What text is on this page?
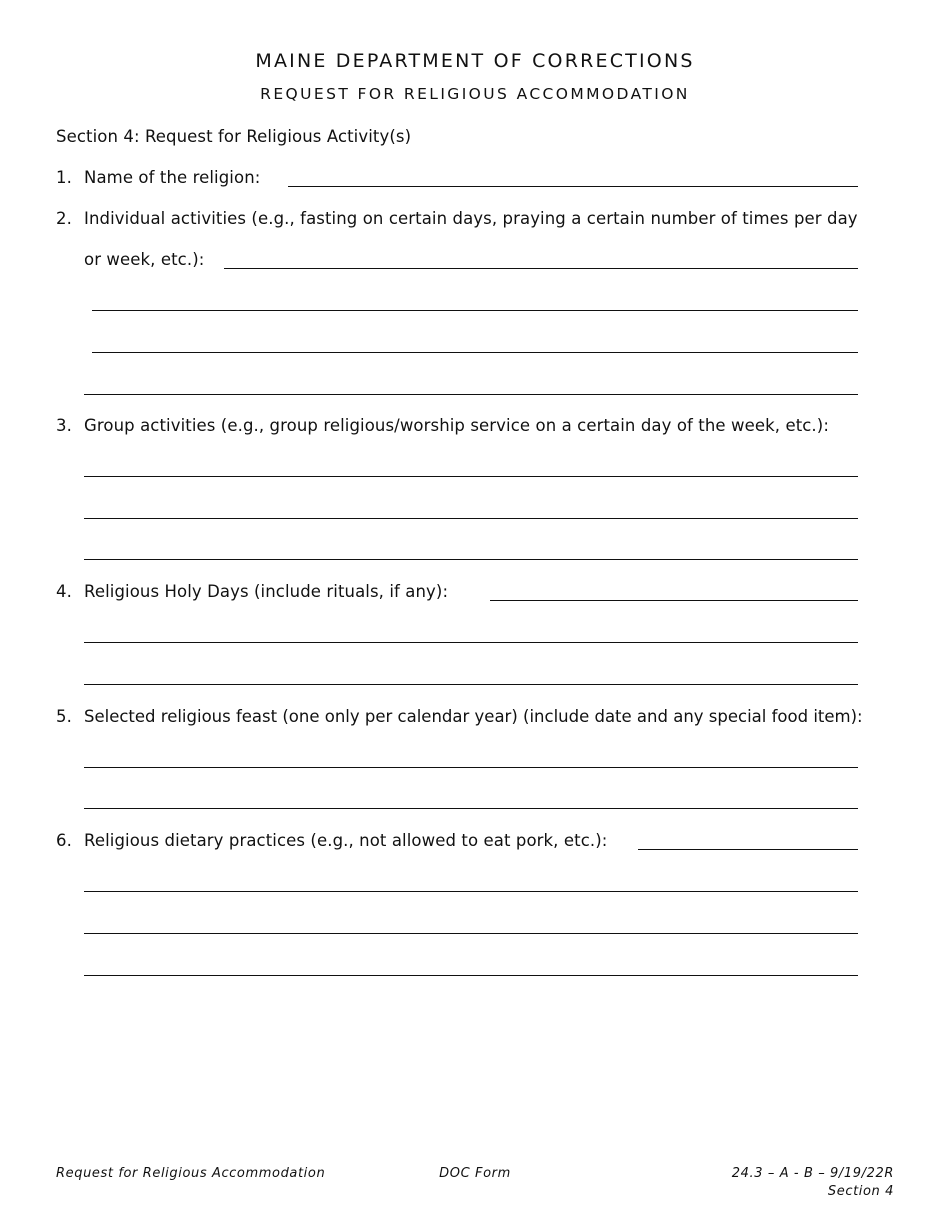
MAINE DEPARTMENT OF CORRECTIONS
REQUEST FOR RELIGIOUS ACCOMMODATION
Section 4: Request for Religious Activity(s)
1. Name of the religion:
2. Individual activities (e.g., fasting on certain days, praying a certain number of times per day
or week, etc.):
3. Group activities (e.g., group religious/worship service on a certain day of the week, etc.):
4. Religious Holy Days (include rituals, if any):
5. Selected religious feast (one only per calendar year) (include date and any special food item):
6. Religious dietary practices (e.g., not allowed to eat pork, etc.):
Request for Religious Accommodation	DOC Form	24.3 – A - B – 9/19/22R
Section 4
